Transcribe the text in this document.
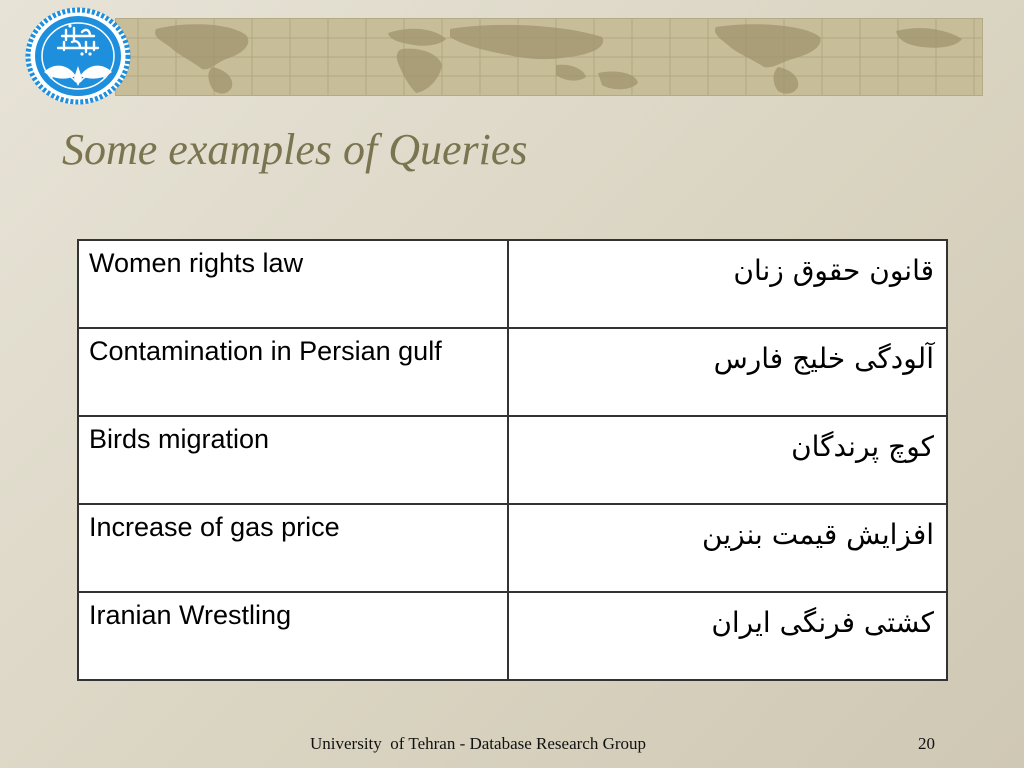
Some examples of Queries
Women rights law	قانون حقوق زنان
Contamination in Persian gulf	آلودگی خلیج فارس
Birds migration	کوچ پرندگان
Increase of gas price	افزایش قیمت بنزین
Iranian Wrestling	کشتی فرنگی ایران
University  of Tehran - Database Research Group	20
